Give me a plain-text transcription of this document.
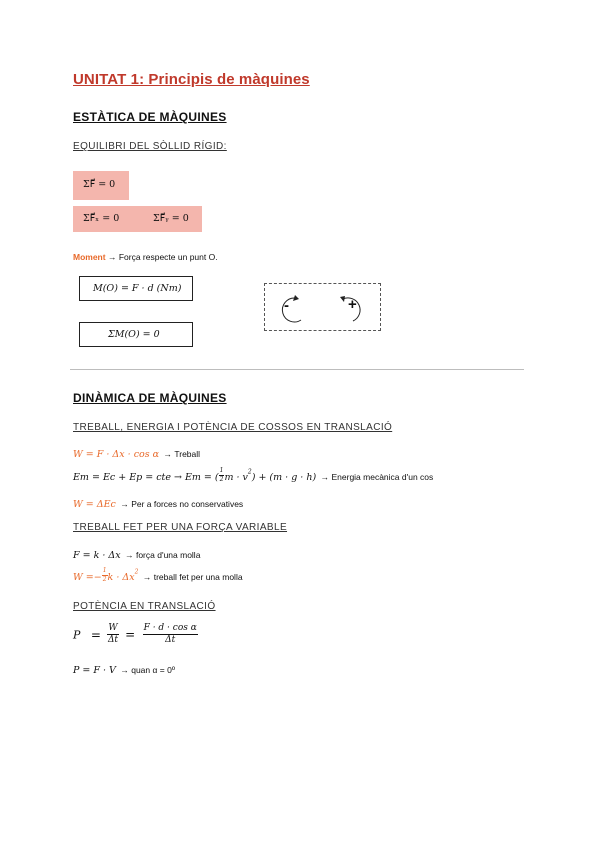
UNITAT 1: Principis de màquines
ESTÀTICA DE MÀQUINES
EQUILIBRI DEL SÒLLID RÍGID:
ΣF⃗ = 0
ΣF⃗ₓ = 0	ΣF⃗ᵧ = 0
Moment → Força respecte un punt O.
M(O) = F · d (Nm)
ΣM(O) = 0
-	+
DINÀMICA DE MÀQUINES
TREBALL, ENERGIA I POTÈNCIA DE COSSOS EN TRANSLACIÓ
W = F · Δx · cos α → Treball
Em = Ec + Ep = cte → Em = ( $\frac{1}{2}$ $m \cdot v^2) + (m \cdot g \cdot h)$ → Energia mecànica d'un cos
W = ΔEc → Per a forces no conservatives
TREBALL FET PER UNA FORÇA VARIABLE
F = k · Δx → força d'una molla
$W =- \frac{1}{2}$ $k \cdot \Delta x^2$ → treball fet per una molla
POTÈNCIA EN TRANSLACIÓ
$P = \frac{W}{\Delta t} = \frac{\text{F · d · cos α}}{\Delta t}$
P = F · V → quan α = 0º
